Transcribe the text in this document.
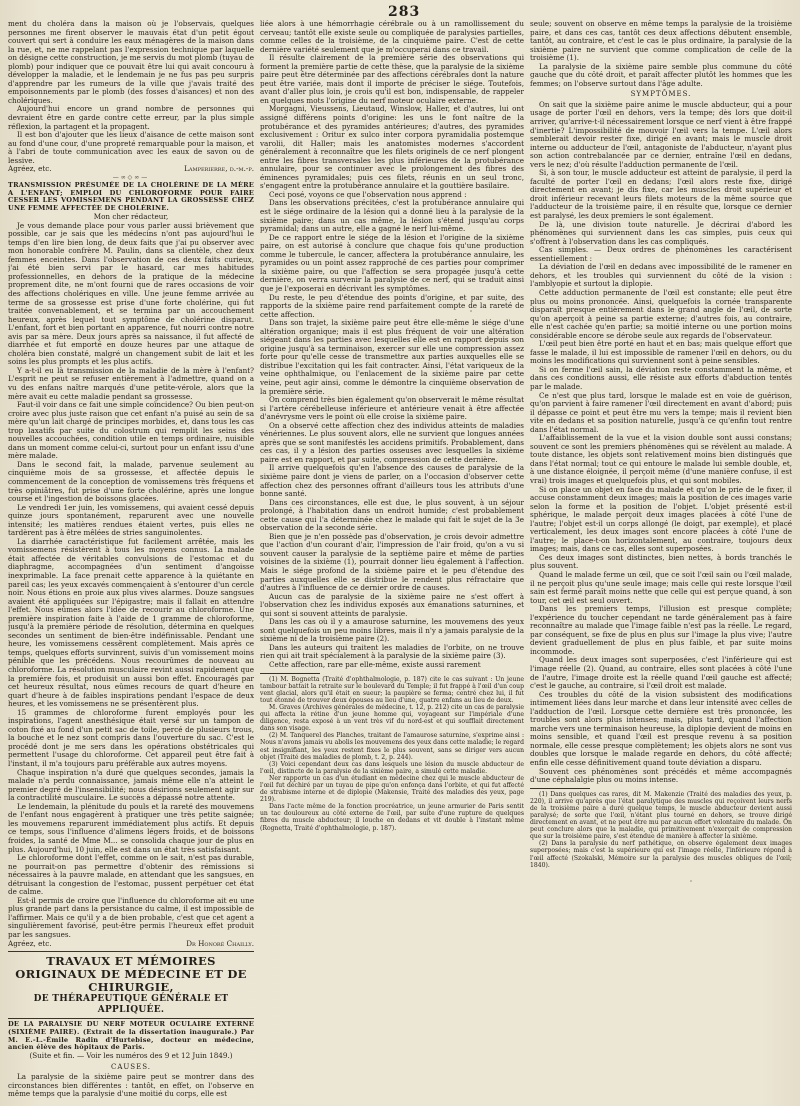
283

ment du choléra dans la maison où je l'observais, quelques personnes me firent observer le mauvais état d'un petit égout couvert qui sert à conduire les eaux ménagères de la maison dans la rue, et, ne me rappelant pas l'expression technique par laquelle on désigne cette construction, je me servis du mot plomb (tuyau de plomb) pour indiquer que ce pouvait être lui qui avait concouru à développer la maladie, et le lendemain je ne fus pas peu surpris d'apprendre par les rumeurs de la ville que j'avais traité des empoisonnements par le plomb (des fosses d'aisances) et non des cholériques.

Aujourd'hui encore un grand nombre de personnes qui devraient être en garde contre cette erreur, par la plus simple réflexion, la partagent et la propagent.

Il est bon d'ajouter que les lieux d'aisance de cette maison sont au fond d'une cour, d'une propreté remarquable pour la maison, et à l'abri de toute communication avec les eaux de savon ou de lessive.

Agréez, etc.	Lamperierre, d.-m.-p.

—∞◇∞—

TRANSMISSION PRÉSUMÉE DE LA CHOLÉRINE DE LA MÈRE A L'ENFANT; EMPLOI DU CHLOROFORME POUR FAIRE CESSER LES VOMISSEMENS PENDANT LA GROSSESSE CHEZ UNE FEMME AFFECTÉE DE CHOLÉRINE.

Mon cher rédacteur,

Je vous demande place pour vous parler aussi brièvement que possible, car je sais que les médecins n'ont pas aujourd'hui le temps d'en lire bien long, de deux faits que j'ai pu observer avec mon honorable confrère M. Paulin, dans sa clientèle, chez deux femmes enceintes. Dans l'observation de ces deux faits curieux, j'ai été bien servi par le hasard, car mes habitudes professionnelles, en dehors de la pratique de la médecine proprement dite, ne m'ont fourni que de rares occasions de voir des affections cholériques en ville. Une jeune femme arrivée au terme de sa grossesse est prise d'une forte cholérine, qui fut traitée convenablement, et se termina par un accouchement heureux, après lequel tout symptôme de cholérine disparut. L'enfant, fort et bien portant en apparence, fut nourri contre notre avis par sa mère. Deux jours après sa naissance, il fut affecté de diarrhée et fut emporté en douze heures par une attaque de choléra bien constaté, malgré un changement subit de lait et les soins les plus prompts et les plus actifs.

Y a-t-il eu là transmission de la maladie de la mère à l'enfant? L'esprit ne peut se refuser entièrement à l'admettre, quand on a vu des enfans naître marqués d'une petite-vérole, alors que la mère avait eu cette maladie pendant sa grossesse.

Faut-il voir dans ce fait une simple coïncidence? Ou bien peut-on croire avec plus juste raison que cet enfant n'a puisé au sein de sa mère qu'un lait chargé de principes morbides, et, dans tous les cas trop laxatifs par suite du colostrum qui remplit les seins des nouvelles accouchées, condition utile en temps ordinaire, nuisible dans un moment comme celui-ci, surtout pour un enfant issu d'une mère malade.

Dans le second fait, la malade, parvenue seulement au cinquième mois de sa grossesse, et affectée depuis le commencement de la conception de vomissemens très fréquens et très opiniâtres, fut prise d'une forte cholérine, après une longue course et l'ingestion de boissons glacées.

Le vendredi 1er juin, les vomissemens, qui avaient cessé depuis quinze jours spontanément, reparurent avec une nouvelle intensité; les matières rendues étaient vertes, puis elles ne tardèrent pas à être mêlées de stries sanguinolentes.

La diarrhée caractéristique fut facilement arrêtée, mais les vomissemens résistèrent à tous les moyens connus. La malade était affectée de véritables convulsions de l'estomac et du diaphragme, accompagnées d'un sentiment d'angoisse inexprimable. La face prenait cette apparence à la quiétante en pareil cas; les yeux excavés commençaient à s'entourer d'un cercle noir. Nous étions en proie aux plus vives alarmes. Douze sangsues avaient été appliquées sur l'épigastre; mais il fallait en attendre l'effet. Nous eûmes alors l'idée de recourir au chloroforme. Une première inspiration faite à l'aide de 1 gramme de chloroforme, jusqu'à la première période de résolution, détermina en quelques secondes un sentiment de bien-être indéfinissable. Pendant une heure, les vomissemens cessèrent complètement. Mais après ce temps, quelques efforts survinrent, suivis d'un vomissement moins pénible que les précédens. Nous recourûmes de nouveau au chloroforme. La résolution musculaire revint aussi rapidement que la première fois, et produisit un aussi bon effet. Encouragés par cet heureux résultat, nous eûmes recours de quart d'heure en quart d'heure à de faibles inspirations pendant l'espace de deux heures, et les vomissemens ne se présentèrent plus.

15 grammes de chloroforme furent employés pour les inspirations, l'agent anesthésique était versé sur un tampon de coton fixé au fond d'un petit sac de toile, percé de plusieurs trous, la bouche et le nez sont compris dans l'ouverture du sac. C'est le procédé dont je me sers dans les opérations obstétricales qui permettent l'usage du chloroforme. Cet appareil peut être fait à l'instant, il m'a toujours paru préférable aux autres moyens.

Chaque inspiration n'a duré que quelques secondes, jamais la malade n'a perdu connaissance, jamais même elle n'a atteint le premier degré de l'insensibilité; nous désirions seulement agir sur la contractilité musculaire. Le succès a dépassé notre attente.

Le lendemain, la plénitude du pouls et la rareté des mouvemens de l'enfant nous engagèrent à pratiquer une très petite saignée; les mouvemens reparurent immédiatement plus actifs. Et depuis ce temps, sous l'influence d'alimens légers froids, et de boissons froides, la santé de Mme M... se consolida chaque jour de plus en plus. Aujourd'hui, 10 juin, elle est dans un état très satisfaisant.

Le chloroforme dont l'effet, comme on le sait, n'est pas durable, ne pourrait-on pas permettre d'obtenir des rémissions si nécessaires à la pauvre malade, en attendant que les sangsues, en détruisant la congestion de l'estomac, pussent perpétuer cet état de calme.

Est-il permis de croire que l'influence du chloroforme ait eu une plus grande part dans la persistance du calme, il est impossible de l'affirmer. Mais ce qu'il y a de bien probable, c'est que cet agent a singulièrement favorisé, peut-être permis l'heureux effet produit par les sangsues.

Agréez, etc.	Dr Honoré Chailly.

TRAVAUX ET MÉMOIRES ORIGINAUX DE MÉDECINE ET DE CHIRURGIE,
DE THÉRAPEUTIQUE GÉNÉRALE ET APPLIQUÉE.

DE LA PARALYSIE DU NERF MOTEUR OCULAIRE EXTERNE (SIXIÈME PAIRE). (Extrait de la dissertation inaugurale.) Par M. E.-L.-Émile Radin d'Hurtebise, docteur en médecine, ancien élève des hôpitaux de Paris.

(Suite et fin. — Voir les numéros des 9 et 12 Juin 1849.)

CAUSES.

La paralysie de la sixième paire peut se montrer dans des circonstances bien différentes : tantôt, en effet, on l'observe en même temps que la paralysie d'une moitié du corps, elle est

liée alors à une hémorrhagie cérébrale ou à un ramollissement du cerveau; tantôt elle existe seule ou compliquée de paralysies partielles, comme celles de la troisième, de la cinquième paire. C'est de cette dernière variété seulement que je m'occuperai dans ce travail.

Il résulte clairement de la première série des observations qui forment la première partie de cette thèse, que la paralysie de la sixième paire peut être déterminée par des affections cérébrales dont la nature peut être variée, mais dont il importe de préciser le siége. Toutefois, avant d'aller plus loin, je crois qu'il est bon, indispensable, de rappeler en quelques mots l'origine du nerf moteur oculaire externe.

Morgagni, Vieussens, Lieutaud, Winslow, Haller, et d'autres, lui ont assigné différens points d'origine: les uns le font naître de la protubérance et des pyramides antérieures; d'autres, des pyramides exclusivement : Oritur ex sulco inter corpora pyramidalia postemque varolii, dit Haller; mais les anatomistes modernes s'accordent généralement à reconnaître que les filets originels de ce nerf plongent entre les fibres transversales les plus inférieures de la protubérance annulaire, pour se continuer avec le prolongement des fibres des éminences pyramidales; puis ces filets, réunis en un seul tronc, s'engagent entre la protubérance annulaire et la gouttière basilaire.

Ceci posé, voyons ce que l'observation nous apprend :

Dans les observations précitées, c'est la protubérance annulaire qui est le siége ordinaire de la lésion qui a donné lieu à la paralysie de la sixième paire; dans un cas même, la lésion s'étend jusqu'au corps pyramidal; dans un autre, elle a gagné le nerf lui-même.

De ce rapport entre le siége de la lésion et l'origine de la sixième paire, on est autorisé à conclure que chaque fois qu'une production comme le tubercule, le cancer, affectera la protubérance annulaire, les pyramides ou un point assez rapproché de ces parties pour comprimer la sixième paire, ou que l'affection se sera propagée jusqu'à cette dernière, on verra survenir la paralysie de ce nerf, qui se traduit ainsi que je l'exposerai en décrivant les symptômes.

Du reste, le peu d'étendue des points d'origine, et par suite, des rapports de la sixième paire rend parfaitement compte de la rareté de cette affection.

Dans son trajet, la sixième paire peut être elle-même le siége d'une altération organique; mais il est plus fréquent de voir une altération siégeant dans les parties avec lesquelles elle est en rapport depuis son origine jusqu'à sa terminaison, exercer sur elle une compression assez forte pour qu'elle cesse de transmettre aux parties auxquelles elle se distribue l'excitation qui les fait contracter. Ainsi, l'état variqueux de la veine ophthalmique, ou l'enlacement de la sixième paire par cette veine, peut agir ainsi, comme le démontre la cinquième observation de la première série.

On comprend très bien également qu'on observerait le même résultat si l'artère cérébelleuse inférieure et antérieure venait à être affectée d'anévrysme vers le point où elle croise la sixième paire.

On a observé cette affection chez des individus atteints de maladies vénériennes. Le plus souvent alors, elle ne survient que longues années après que se sont manifestés les accidens primitifs. Probablement, dans ces cas, il y a lésion des parties osseuses avec lesquelles la sixième paire est en rapport, et par suite, compression de cette dernière.

Il arrive quelquefois qu'en l'absence des causes de paralysie de la sixième paire dont je viens de parler, on a l'occasion d'observer cette affection chez des personnes offrant d'ailleurs tous les attributs d'une bonne santé.

Dans ces circonstances, elle est due, le plus souvent, à un séjour prolongé, à l'habitation dans un endroit humide; c'est probablement cette cause qui l'a déterminée chez le malade qui fait le sujet de la 3e observation de la seconde série.

Bien que je n'en possède pas d'observation, je crois devoir admettre que l'action d'un courant d'air, l'impression de l'air froid, qu'on a vu si souvent causer la paralysie de la septième paire et même de parties voisines de la sixième (1), pourrait donner lieu également à l'affection. Mais le siége profond de la sixième paire et le peu d'étendue des parties auxquelles elle se distribue le rendent plus réfractaire que d'autres à l'influence de ce dernier ordre de causes.

Aucun cas de paralysie de la sixième paire ne s'est offert à l'observation chez les individus exposés aux émanations saturnines, et qui sont si souvent atteints de paralysie.

Dans les cas où il y a amaurose saturnine, les mouvemens des yeux sont quelquefois un peu moins libres, mais il n'y a jamais paralysie de la sixième ni de la troisième paire (2).

Dans les auteurs qui traitent les maladies de l'orbite, on ne trouve rien qui ait trait spécialement à la paralysie de la sixième paire (3).

Cette affection, rare par elle-même, existe aussi rarement

(1) M. Bognetta (Traité d'ophthalmologie, p. 187) cite le cas suivant : Un jeune tambour battait la retraite sur le boulevard du Temple; il fut frappé à l'œil d'un coup vent glacial, alors qu'il était en sueur; la paupière se ferma; centré chez lui, il fut tout étonné de trouver deux épouses au lieu d'une, quatre enfans au lieu de deux.

M. Graves (Archives générales de médecine, t. 12, p. 212) cite un cas de paralysie qui affecta la rétine d'un jeune homme qui, voyageant sur l'impériale d'une diligence, resta exposé à un vent très vif du nord-est et qui soufflait directement dans son visage.

(2) M. Tanquerel des Planches, traitant de l'amaurose saturnine, s'exprime ainsi : Nous n'avons jamais vu abolis les mouvemens des yeux dans cette maladie; le regard est insignifiant, les yeux restent fixes le plus souvent, sans se diriger vers aucun objet (Traité des maladies de plomb, t. 2, p. 244).

(3) Voici cependant deux cas dans lesquels une lésion du muscle abducteur de l'œil, distincte de la paralysie de la sixième paire, a simulé cette maladie.

Ner rapporte un cas d'un étudiant en médecine chez qui le muscle abducteur de l'œil fut déchiré par un tuyau de pipe qu'on enfonça dans l'orbite, et qui fut affecté de strabisme interne et de diplopie (Makensie, Traité des maladies des yeux, page 219).

Dans l'acte même de la fonction procréatrice, un jeune armurier de Paris sentit un tac douloureux au côté externe de l'œil, par suite d'une rupture de quelques fibres du muscle abducteur; il louche en dedans et vit double à l'instant même (Rognetta, Traité d'ophthalmologie, p. 187).

seule; souvent on observe en même temps la paralysie de la troisième paire, et dans ces cas, tantôt ces deux affections débutent ensemble, tantôt, au contraire, et c'est le cas le plus ordinaire, la paralysie de la sixième paire ne survient que comme complication de celle de la troisième (1).

La paralysie de la sixième paire semble plus commune du côté gauche que du côté droit, et paraît affecter plutôt les hommes que les femmes; on l'observe surtout dans l'âge adulte.

SYMPTÔMES.

On sait que la sixième paire anime le muscle abducteur, qui a pour usage de porter l'œil en dehors, vers la tempe; dès lors que doit-il arriver, qu'arrive-t-il nécessairement lorsque ce nerf vient à être frappé d'inertie? L'impossibilité de mouvoir l'œil vers la tempe. L'œil alors semblerait devoir rester fixe, dirigé en avant; mais le muscle droit interne ou adducteur de l'œil, antagoniste de l'abducteur, n'ayant plus son action contrebalancée par ce dernier, entraîne l'œil en dedans, vers le nez; d'où résulte l'adduction permanente de l'œil.

Si, à son tour, le muscle adducteur est atteint de paralysie, il perd la faculté de porter l'œil en dedans; l'œil alors reste fixe, dirigé directement en avant; je dis fixe, car les muscles droit supérieur et droit inférieur recevant leurs filets moteurs de la même source que l'adducteur de la troisième paire, il en résulte que, lorsque ce dernier est paralysé, les deux premiers le sont également.

De là, une division toute naturelle. Je décrirai d'abord les phénomènes qui surviennent dans les cas simples, puis ceux qui s'offrent à l'observation dans les cas compliqués.

Cas simples. — Deux ordres de phénomènes les caractérisent essentiellement :

La déviation de l'œil en dedans avec impossibilité de le ramener en dehors, et les troubles qui surviennent du côté de la vision : l'amblyopie et surtout la diplopie.

Cette adduction permanente de l'œil est constante; elle peut être plus ou moins prononcée. Ainsi, quelquefois la cornée transparente disparaît presque entièrement dans le grand angle de l'œil, de sorte qu'on aperçoit à peine sa partie externe; d'autres fois, au contraire, elle n'est cachée qu'en partie; sa moitié interne ou une portion moins considérable encore se dérobe seule aux regards de l'observateur.

L'œil peut bien être porté en haut et en bas; mais quelque effort que fasse le malade, il lui est impossible de ramener l'œil en dehors, ou du moins les modifications qui surviennent sont à peine sensibles.

Si on ferme l'œil sain, la déviation reste constamment la même, et dans ces conditions aussi, elle résiste aux efforts d'abduction tentés par le malade.

Ce n'est que plus tard, lorsque le malade est en voie de guérison, qu'on parvient à faire ramener l'œil directement en avant d'abord; puis il dépasse ce point et peut être mu vers la tempe; mais il revient bien vite en dedans et sa position naturelle, jusqu'à ce qu'enfin tout rentre dans l'état normal.

L'affaiblissement de la vue et la vision double sont aussi constans; souvent ce sont les premiers phénomènes qui se révèlent au malade. A toute distance, les objets sont relativement moins bien distingués que dans l'état normal; tout ce qui entoure le malade lui semble double, et, à une distance éloignée, il perçoit même (d'une manière confuse, il est vrai) trois images et quelquefois plus, et qui sont mobiles.

Si on place un objet en face du malade et qu'on le prie de le fixer, il accuse constamment deux images; mais la position de ces images varie selon la forme et la position de l'objet. L'objet présenté est-il sphérique, le malade perçoit deux images placées à côté l'une de l'autre; l'objet est-il un corps allongé (le doigt, par exemple), et placé verticalement, les deux images sont encore placées à côté l'une de l'autre; le place-t-on horizontalement, au contraire, toujours deux images; mais, dans ce cas, elles sont superposées.

Ces deux images sont distinctes, bien nettes, à bords tranchés le plus souvent.

Quand le malade ferme un œil, que ce soit l'œil sain ou l'œil malade, il ne perçoit plus qu'une seule image; mais celle qui reste lorsque l'œil sain est fermé paraît moins nette que celle qui est perçue quand, à son tour, cet œil est seul ouvert.

Dans les premiers temps, l'illusion est presque complète; l'expérience du toucher cependant ne tarde généralement pas à faire reconnaître au malade que l'image faible n'est pas la réelle. Le regard, par conséquent, se fixe de plus en plus sur l'image la plus vive; l'autre devient graduellement de plus en plus faible, et par suite moins incommode.

Quand les deux images sont superposées, c'est l'inférieure qui est l'image réelle (2). Quand, au contraire, elles sont placées à côté l'une de l'autre, l'image droite est la réelle quand l'œil gauche est affecté; c'est le gauche, au contraire, si l'œil droit est malade.

Ces troubles du côté de la vision subsistent des modifications intimement liées dans leur marche et dans leur intensité avec celles de l'adduction de l'œil. Lorsque cette dernière est très prononcée, les troubles sont alors plus intenses; mais, plus tard, quand l'affection marche vers une terminaison heureuse, la diplopie devient de moins en moins sensible, et quand l'œil est presque revenu à sa position normale, elle cesse presque complètement; les objets alors ne sont vus doubles que lorsque le malade regarde en dehors, du côté affecté; enfin elle cesse définitivement quand toute déviation a disparu.

Souvent ces phénomènes sont précédés et même accompagnés d'une céphalalgie plus ou moins intense.

(1) Dans quelques cas rares, dit M. Makenzie (Traité des maladies des yeux, p. 220), il arrive qu'après que l'état paralytique des muscles qui reçoivent leurs nerfs de la troisième paire a duré quelque temps, le muscle abducteur devient aussi paralysé; de sorte que l'œil, n'étant plus tourné en dehors, se trouve dirigé directement en avant, et ne peut être mu par aucun effort volontaire du malade. On peut conclure alors que la maladie, qui primitivement n'exerçait de compression que sur la troisième paire, s'est étendue de manière à affecter la sixième.

(2) Dans la paralysie du nerf pathétique, on observe également deux images superposées; mais c'est la supérieure qui est l'image réelle, l'inférieure répond à l'œil affecté (Szokalski, Mémoire sur la paralysie des muscles obliques de l'œil; 1840).
